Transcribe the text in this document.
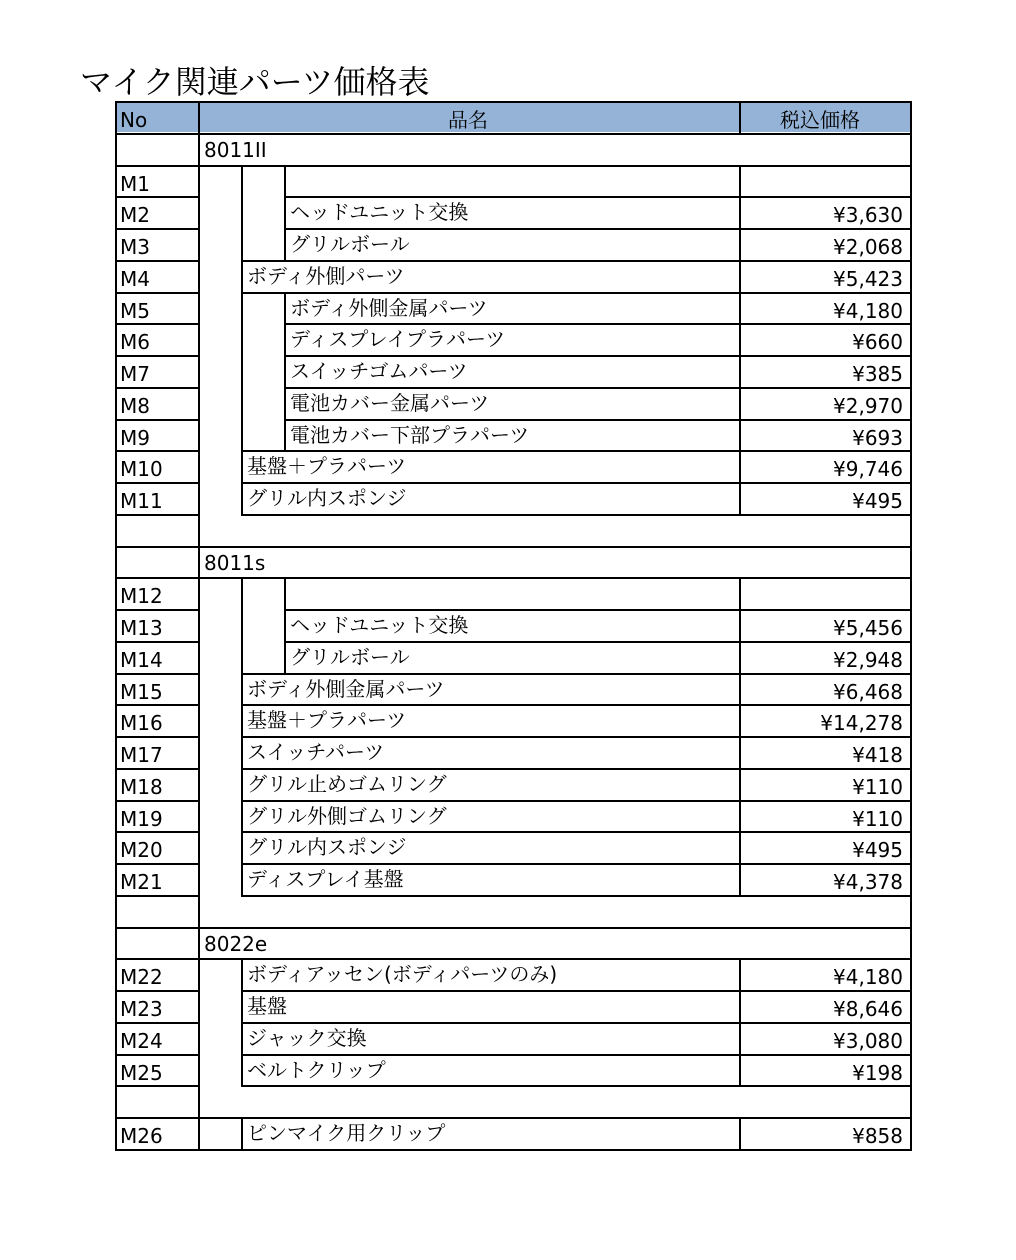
マイク関連パーツ価格表
No	品名	税込価格
8011II
M1
M2	ヘッドユニット交換	¥3,630
M3	グリルボール	¥2,068
M4	ボディ外側パーツ	¥5,423
M5	ボディ外側金属パーツ	¥4,180
M6	ディスプレイプラパーツ	¥660
M7	スイッチゴムパーツ	¥385
M8	電池カバー金属パーツ	¥2,970
M9	電池カバー下部プラパーツ	¥693
M10	基盤＋プラパーツ	¥9,746
M11	グリル内スポンジ	¥495
8011s
M12
M13	ヘッドユニット交換	¥5,456
M14	グリルボール	¥2,948
M15	ボディ外側金属パーツ	¥6,468
M16	基盤＋プラパーツ	¥14,278
M17	スイッチパーツ	¥418
M18	グリル止めゴムリング	¥110
M19	グリル外側ゴムリング	¥110
M20	グリル内スポンジ	¥495
M21	ディスプレイ基盤	¥4,378
8022e
M22	ボディアッセン(ボディパーツのみ)	¥4,180
M23	基盤	¥8,646
M24	ジャック交換	¥3,080
M25	ベルトクリップ	¥198
M26	ピンマイク用クリップ	¥858
